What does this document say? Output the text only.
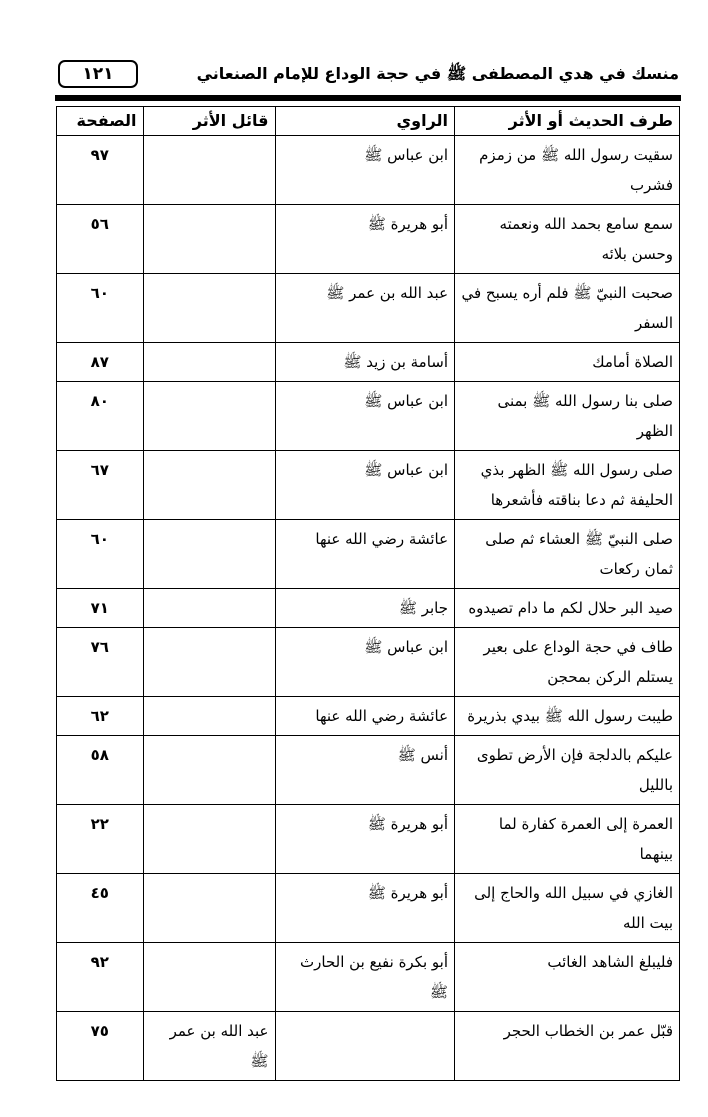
١٢١	منسك في هدي المصطفى ﷺ في حجة الوداع للإمام الصنعاني
طرف الحديث أو الأثر	الراوي	قائل الأثر	الصفحة
سقيت رسول الله ﷺ من زمزم فشرب	ابن عباس ﷺ		٩٧
سمع سامع بحمد الله ونعمته وحسن بلائه	أبو هريرة ﷺ		٥٦
صحبت النبيّ ﷺ فلم أره يسبح في السفر	عبد الله بن عمر ﷺ		٦٠
الصلاة أمامك	أسامة بن زيد ﷺ		٨٧
صلى بنا رسول الله ﷺ بمنى الظهر	ابن عباس ﷺ		٨٠
صلى رسول الله ﷺ الظهر بذي الحليفة ثم دعا بناقته فأشعرها	ابن عباس ﷺ		٦٧
صلى النبيّ ﷺ العشاء ثم صلى ثمان ركعات	عائشة رضي الله عنها		٦٠
صيد البر حلال لكم ما دام تصيدوه	جابر ﷺ		٧١
طاف في حجة الوداع على بعير يستلم الركن بمحجن	ابن عباس ﷺ		٧٦
طيبت رسول الله ﷺ بيدي بذريرة	عائشة رضي الله عنها		٦٢
عليكم بالدلجة فإن الأرض تطوى بالليل	أنس ﷺ		٥٨
العمرة إلى العمرة كفارة لما بينهما	أبو هريرة ﷺ		٢٢
الغازي في سبيل الله والحاج إلى بيت الله	أبو هريرة ﷺ		٤٥
فليبلغ الشاهد الغائب	أبو بكرة نفيع بن الحارث ﷺ		٩٢
قبّل عمر بن الخطاب الحجر		عبد الله بن عمر ﷺ	٧٥
